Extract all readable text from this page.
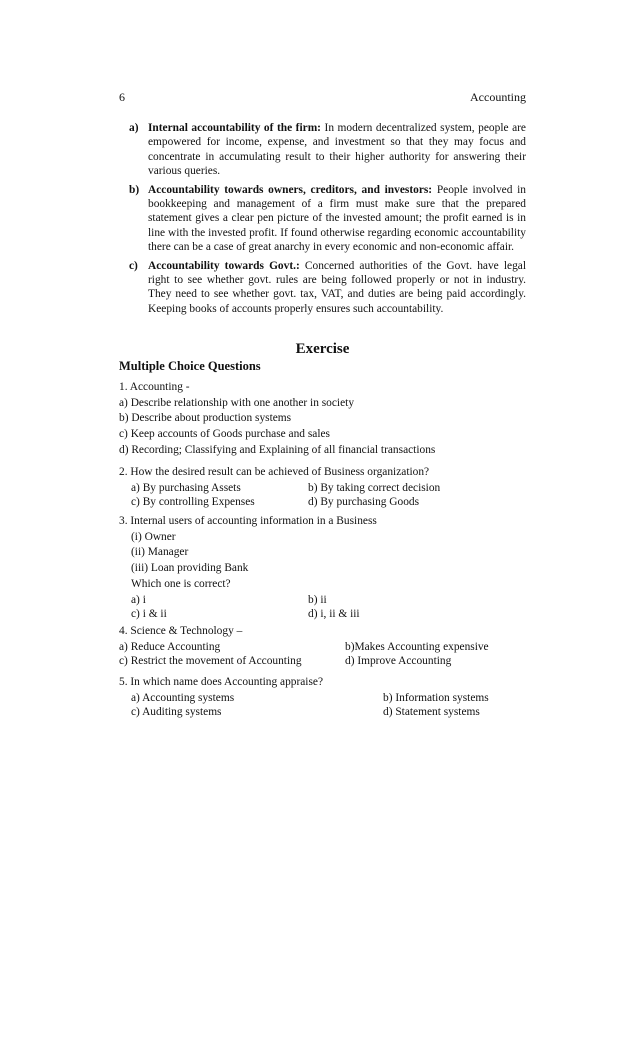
6	Accounting
a) Internal accountability of the firm: In modern decentralized system, people are empowered for income, expense, and investment so that they may focus and concentrate in accumulating result to their higher authority for answering their various queries.
b) Accountability towards owners, creditors, and investors: People involved in bookkeeping and management of a firm must make sure that the prepared statement gives a clear pen picture of the invested amount; the profit earned is in line with the invested profit. If found otherwise regarding economic accountability there can be a case of great anarchy in every economic and non-economic affair.
c) Accountability towards Govt.: Concerned authorities of the Govt. have legal right to see whether govt. rules are being followed properly or not in industry. They need to see whether govt. tax, VAT, and duties are being paid accordingly. Keeping books of accounts properly ensures such accountability.
Exercise
Multiple Choice Questions
1. Accounting -
a) Describe relationship with one another in society
b) Describe about production systems
c) Keep accounts of Goods purchase and sales
d) Recording; Classifying and Explaining of all financial transactions
2. How the desired result can be achieved of Business organization?
a) By purchasing Assets	b) By taking correct decision
c) By controlling Expenses	d) By purchasing Goods
3. Internal users of accounting information in a Business
(i) Owner
(ii) Manager
(iii) Loan providing Bank
Which one is correct?
a) i	b) ii
c) i & ii	d) i, ii & iii
4. Science & Technology –
a) Reduce Accounting	b)Makes Accounting expensive
c) Restrict the movement of Accounting	d) Improve Accounting
5. In which name does Accounting appraise?
a) Accounting systems	b) Information systems
c) Auditing systems	d) Statement systems
